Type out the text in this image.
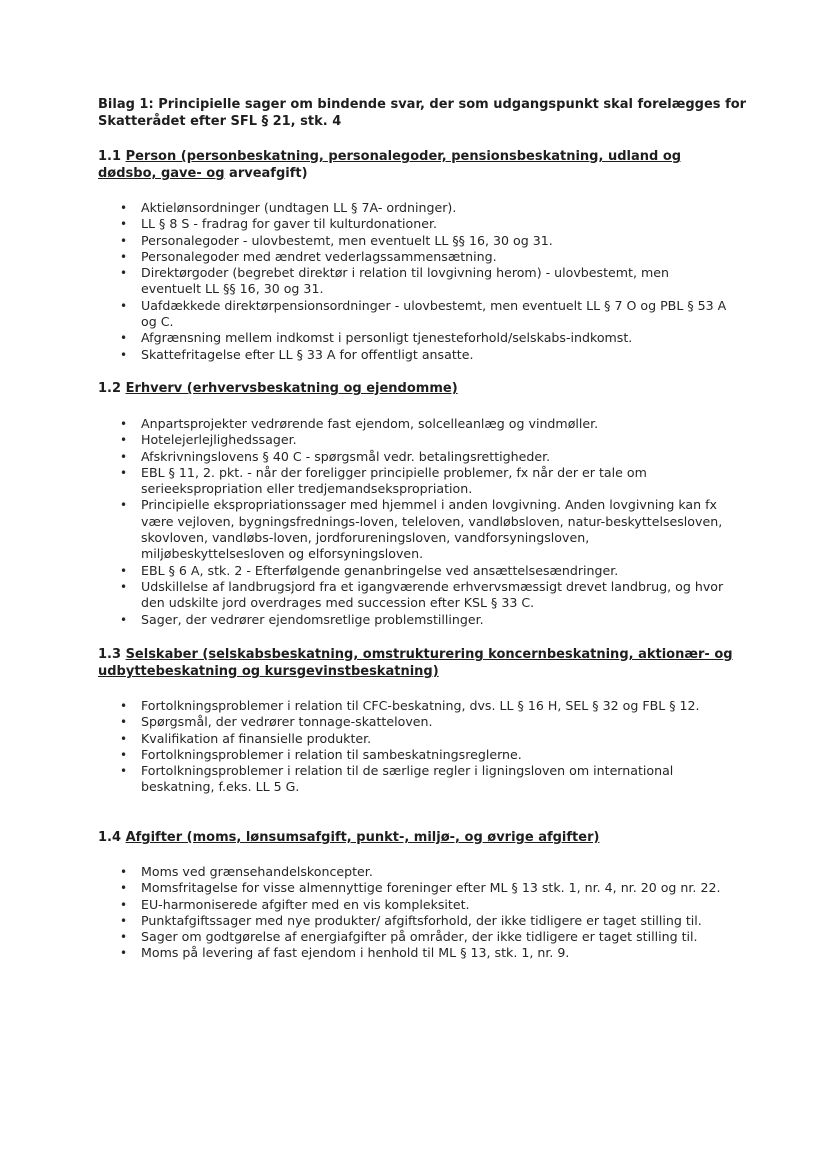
Bilag 1: Principielle sager om bindende svar, der som udgangspunkt skal forelægges for Skatterådet efter SFL § 21, stk. 4

1.1 Person (personbeskatning, personalegoder, pensionsbeskatning, udland og dødsbo, gave- og arveafgift)

• Aktielønsordninger (undtagen LL § 7A- ordninger).
• LL § 8 S - fradrag for gaver til kulturdonationer.
• Personalegoder - ulovbestemt, men eventuelt LL §§ 16, 30 og 31.
• Personalegoder med ændret vederlagssammensætning.
• Direktørgoder (begrebet direktør i relation til lovgivning herom) - ulovbestemt, men eventuelt LL §§ 16, 30 og 31.
• Uafdækkede direktørpensionsordninger - ulovbestemt, men eventuelt LL § 7 O og PBL § 53 A og C.
• Afgrænsning mellem indkomst i personligt tjenesteforhold/selskabs-indkomst.
• Skattefritagelse efter LL § 33 A for offentligt ansatte.

1.2 Erhverv (erhvervsbeskatning og ejendomme)

• Anpartsprojekter vedrørende fast ejendom, solcelleanlæg og vindmøller.
• Hotelejerlejlighedssager.
• Afskrivningslovens § 40 C - spørgsmål vedr. betalingsrettigheder.
• EBL § 11, 2. pkt. - når der foreligger principielle problemer, fx når der er tale om serieekspropriation eller tredjemandsekspropriation.
• Principielle ekspropriationssager med hjemmel i anden lovgivning. Anden lovgivning kan fx være vejloven, bygningsfrednings-loven, teleloven, vandløbsloven, natur-beskyttelsesloven, skovloven, vandløbs-loven, jordforureningsloven, vandforsyningsloven, miljøbeskyttelsesloven og elforsyningsloven.
• EBL § 6 A, stk. 2 - Efterfølgende genanbringelse ved ansættelsesændringer.
• Udskillelse af landbrugsjord fra et igangværende erhvervsmæssigt drevet landbrug, og hvor den udskilte jord overdrages med succession efter KSL § 33 C.
• Sager, der vedrører ejendomsretlige problemstillinger.

1.3 Selskaber (selskabsbeskatning, omstrukturering koncernbeskatning, aktionær- og udbyttebeskatning og kursgevinstbeskatning)

• Fortolkningsproblemer i relation til CFC-beskatning, dvs. LL § 16 H, SEL § 32 og FBL § 12.
• Spørgsmål, der vedrører tonnage-skatteloven.
• Kvalifikation af finansielle produkter.
• Fortolkningsproblemer i relation til sambeskatningsreglerne.
• Fortolkningsproblemer i relation til de særlige regler i ligningsloven om international beskatning, f.eks. LL 5 G.

1.4 Afgifter (moms, lønsumsafgift, punkt-, miljø-, og øvrige afgifter)

• Moms ved grænsehandelskoncepter.
• Momsfritagelse for visse almennyttige foreninger efter ML § 13 stk. 1, nr. 4, nr. 20 og nr. 22.
• EU-harmoniserede afgifter med en vis kompleksitet.
• Punktafgiftssager med nye produkter/ afgiftsforhold, der ikke tidligere er taget stilling til.
• Sager om godtgørelse af energiafgifter på områder, der ikke tidligere er taget stilling til.
• Moms på levering af fast ejendom i henhold til ML § 13, stk. 1, nr. 9.
